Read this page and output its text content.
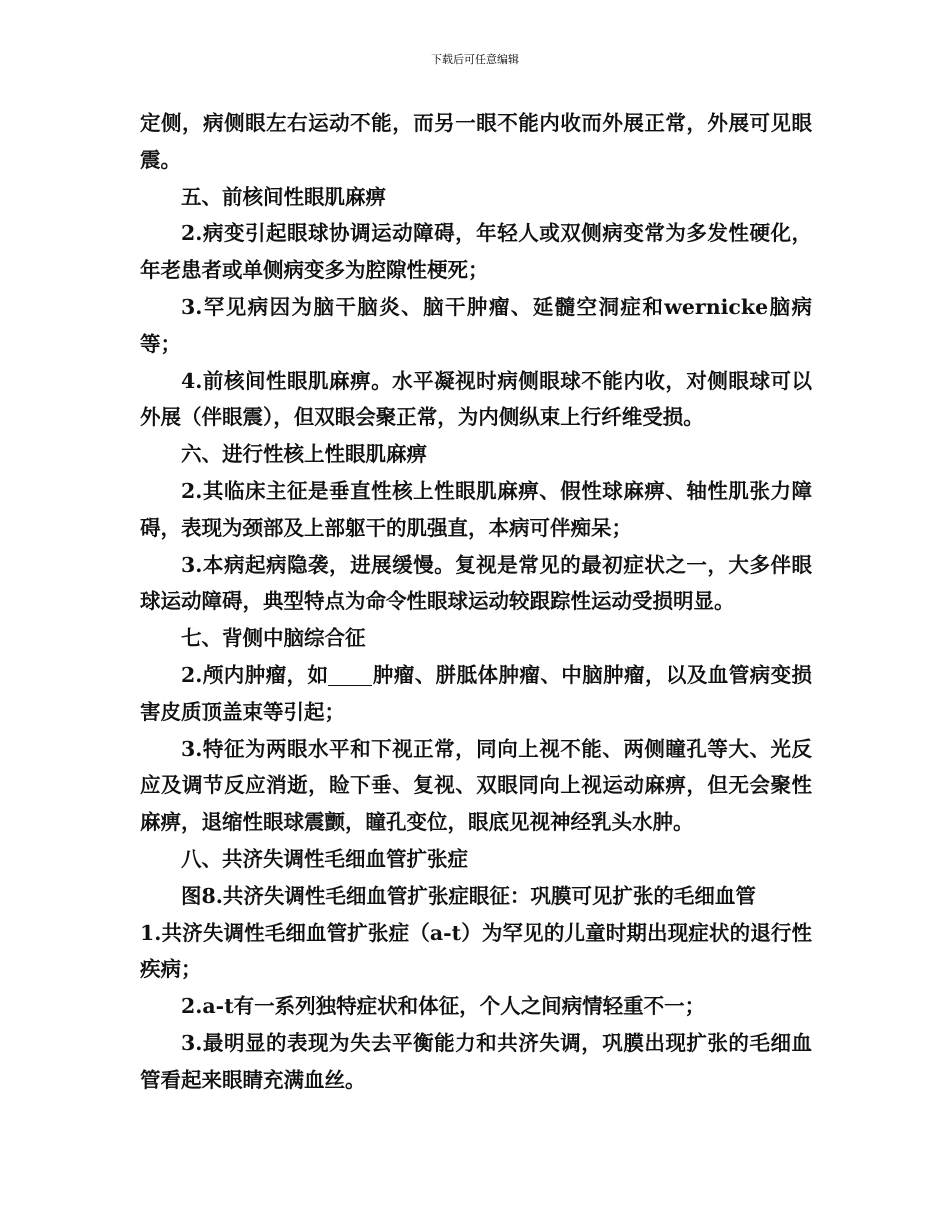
下载后可任意编辑

定侧，病侧眼左右运动不能，而另一眼不能内收而外展正常，外展可见眼震。

五、前核间性眼肌麻痹

2.病变引起眼球协调运动障碍，年轻人或双侧病变常为多发性硬化，年老患者或单侧病变多为腔隙性梗死；

3.罕见病因为脑干脑炎、脑干肿瘤、延髓空洞症和wernicke脑病等；

4.前核间性眼肌麻痹。水平凝视时病侧眼球不能内收，对侧眼球可以外展（伴眼震），但双眼会聚正常，为内侧纵束上行纤维受损。

六、进行性核上性眼肌麻痹

2.其临床主征是垂直性核上性眼肌麻痹、假性球麻痹、轴性肌张力障碍，表现为颈部及上部躯干的肌强直，本病可伴痴呆；

3.本病起病隐袭，进展缓慢。复视是常见的最初症状之一，大多伴眼球运动障碍，典型特点为命令性眼球运动较跟踪性运动受损明显。

七、背侧中脑综合征

2.颅内肿瘤，如 肿瘤、胼胝体肿瘤、中脑肿瘤，以及血管病变损害皮质顶盖束等引起；

3.特征为两眼水平和下视正常，同向上视不能、两侧瞳孔等大、光反应及调节反应消逝，睑下垂、复视、双眼同向上视运动麻痹，但无会聚性麻痹，退缩性眼球震颤，瞳孔变位，眼底见视神经乳头水肿。

八、共济失调性毛细血管扩张症

图8.共济失调性毛细血管扩张症眼征：巩膜可见扩张的毛细血管

1.共济失调性毛细血管扩张症（a-t）为罕见的儿童时期出现症状的退行性疾病；

2.a-t有一系列独特症状和体征，个人之间病情轻重不一；

3.最明显的表现为失去平衡能力和共济失调，巩膜出现扩张的毛细血管看起来眼睛充满血丝。
